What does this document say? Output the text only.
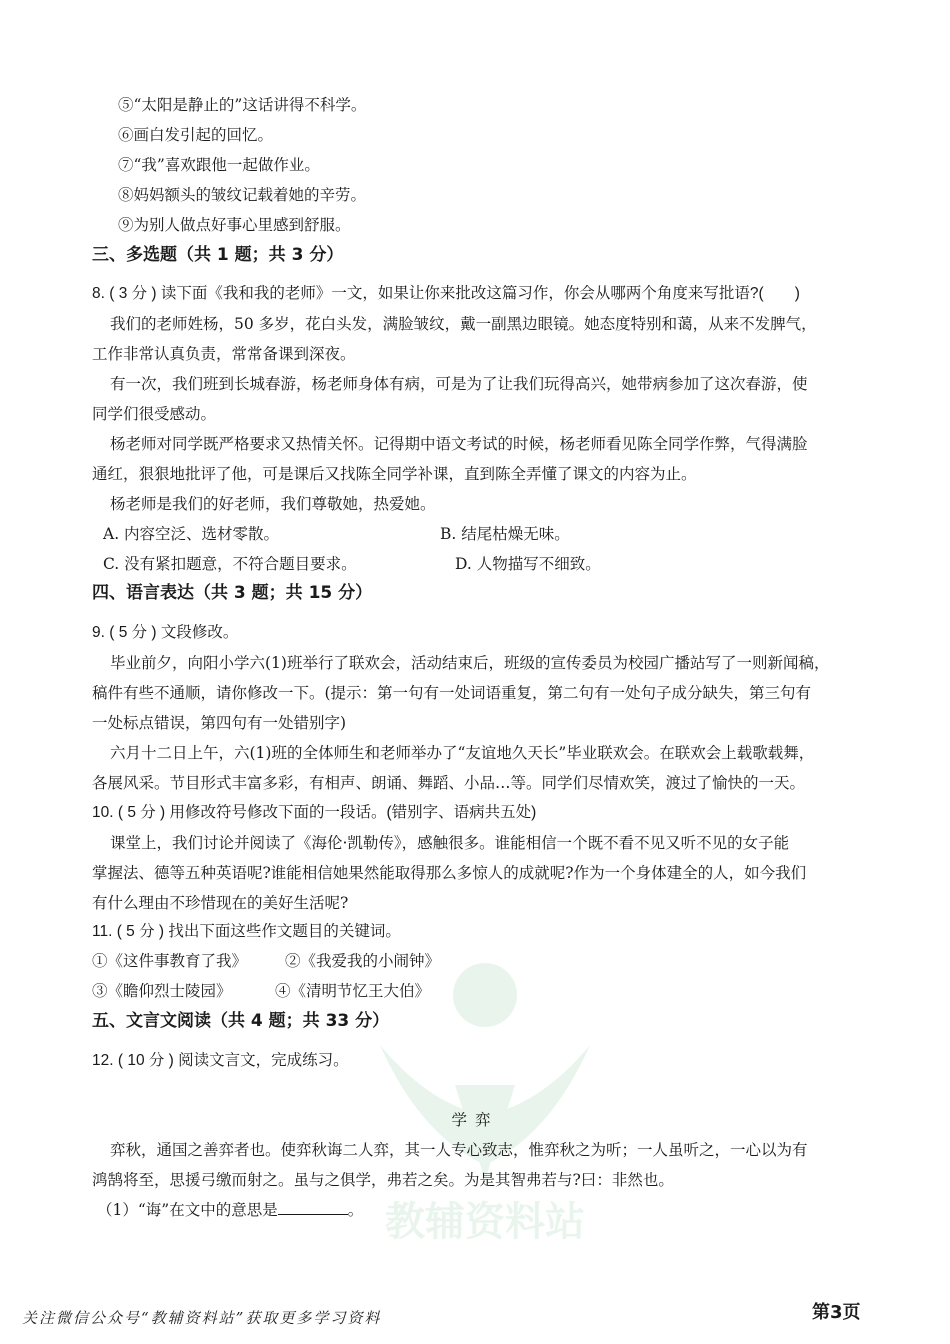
教辅资料站
⑤“太阳是静止的”这话讲得不科学。
⑥画白发引起的回忆。
⑦“我”喜欢跟他一起做作业。
⑧妈妈额头的皱纹记载着她的辛劳。
⑨为别人做点好事心里感到舒服。
三、多选题（共 1 题；共 3 分）
8. ( 3 分 ) 读下面《我和我的老师》一文，如果让你来批改这篇习作，你会从哪两个角度来写批语?(　　)
我们的老师姓杨，50 多岁，花白头发，满脸皱纹，戴一副黑边眼镜。她态度特别和蔼，从来不发脾气，
工作非常认真负责，常常备课到深夜。
有一次，我们班到长城春游，杨老师身体有病，可是为了让我们玩得高兴，她带病参加了这次春游，使
同学们很受感动。
杨老师对同学既严格要求又热情关怀。记得期中语文考试的时候，杨老师看见陈全同学作弊，气得满脸
通红，狠狠地批评了他，可是课后又找陈全同学补课，直到陈全弄懂了课文的内容为止。
杨老师是我们的好老师，我们尊敬她，热爱她。
A. 内容空泛、选材零散。	B. 结尾枯燥无味。
C. 没有紧扣题意，不符合题目要求。	D. 人物描写不细致。
四、语言表达（共 3 题；共 15 分）
9. ( 5 分 ) 文段修改。
毕业前夕，向阳小学六(1)班举行了联欢会，活动结束后，班级的宣传委员为校园广播站写了一则新闻稿，
稿件有些不通顺，请你修改一下。(提示：第一句有一处词语重复，第二句有一处句子成分缺失，第三句有
一处标点错误，第四句有一处错别字)
六月十二日上午，六(1)班的全体师生和老师举办了“友谊地久天长”毕业联欢会。在联欢会上载歌载舞，
各展风采。节目形式丰富多彩，有相声、朗诵、舞蹈、小品…等。同学们尽情欢笑，渡过了愉快的一天。
10. ( 5 分 ) 用修改符号修改下面的一段话。(错别字、语病共五处)
课堂上，我们讨论并阅读了《海伦·凯勒传》，感触很多。谁能相信一个既不看不见又听不见的女子能
掌握法、德等五种英语呢?谁能相信她果然能取得那么多惊人的成就呢?作为一个身体建全的人，如今我们
有什么理由不珍惜现在的美好生活呢?
11. ( 5 分 ) 找出下面这些作文题目的关键词。
①《这件事教育了我》 ②《我爱我的小闹钟》
③《瞻仰烈士陵园》	④《清明节忆王大伯》
五、文言文阅读（共 4 题；共 33 分）
12. ( 10 分 ) 阅读文言文，完成练习。
学弈
弈秋，通国之善弈者也。使弈秋诲二人弈，其一人专心致志，惟弈秋之为听；一人虽听之，一心以为有
鸿鹄将至，思援弓缴而射之。虽与之俱学，弗若之矣。为是其智弗若与?曰：非然也。
（1）“诲”在文中的意思是	。
关注微信公众号“教辅资料站”获取更多学习资料	第3页
